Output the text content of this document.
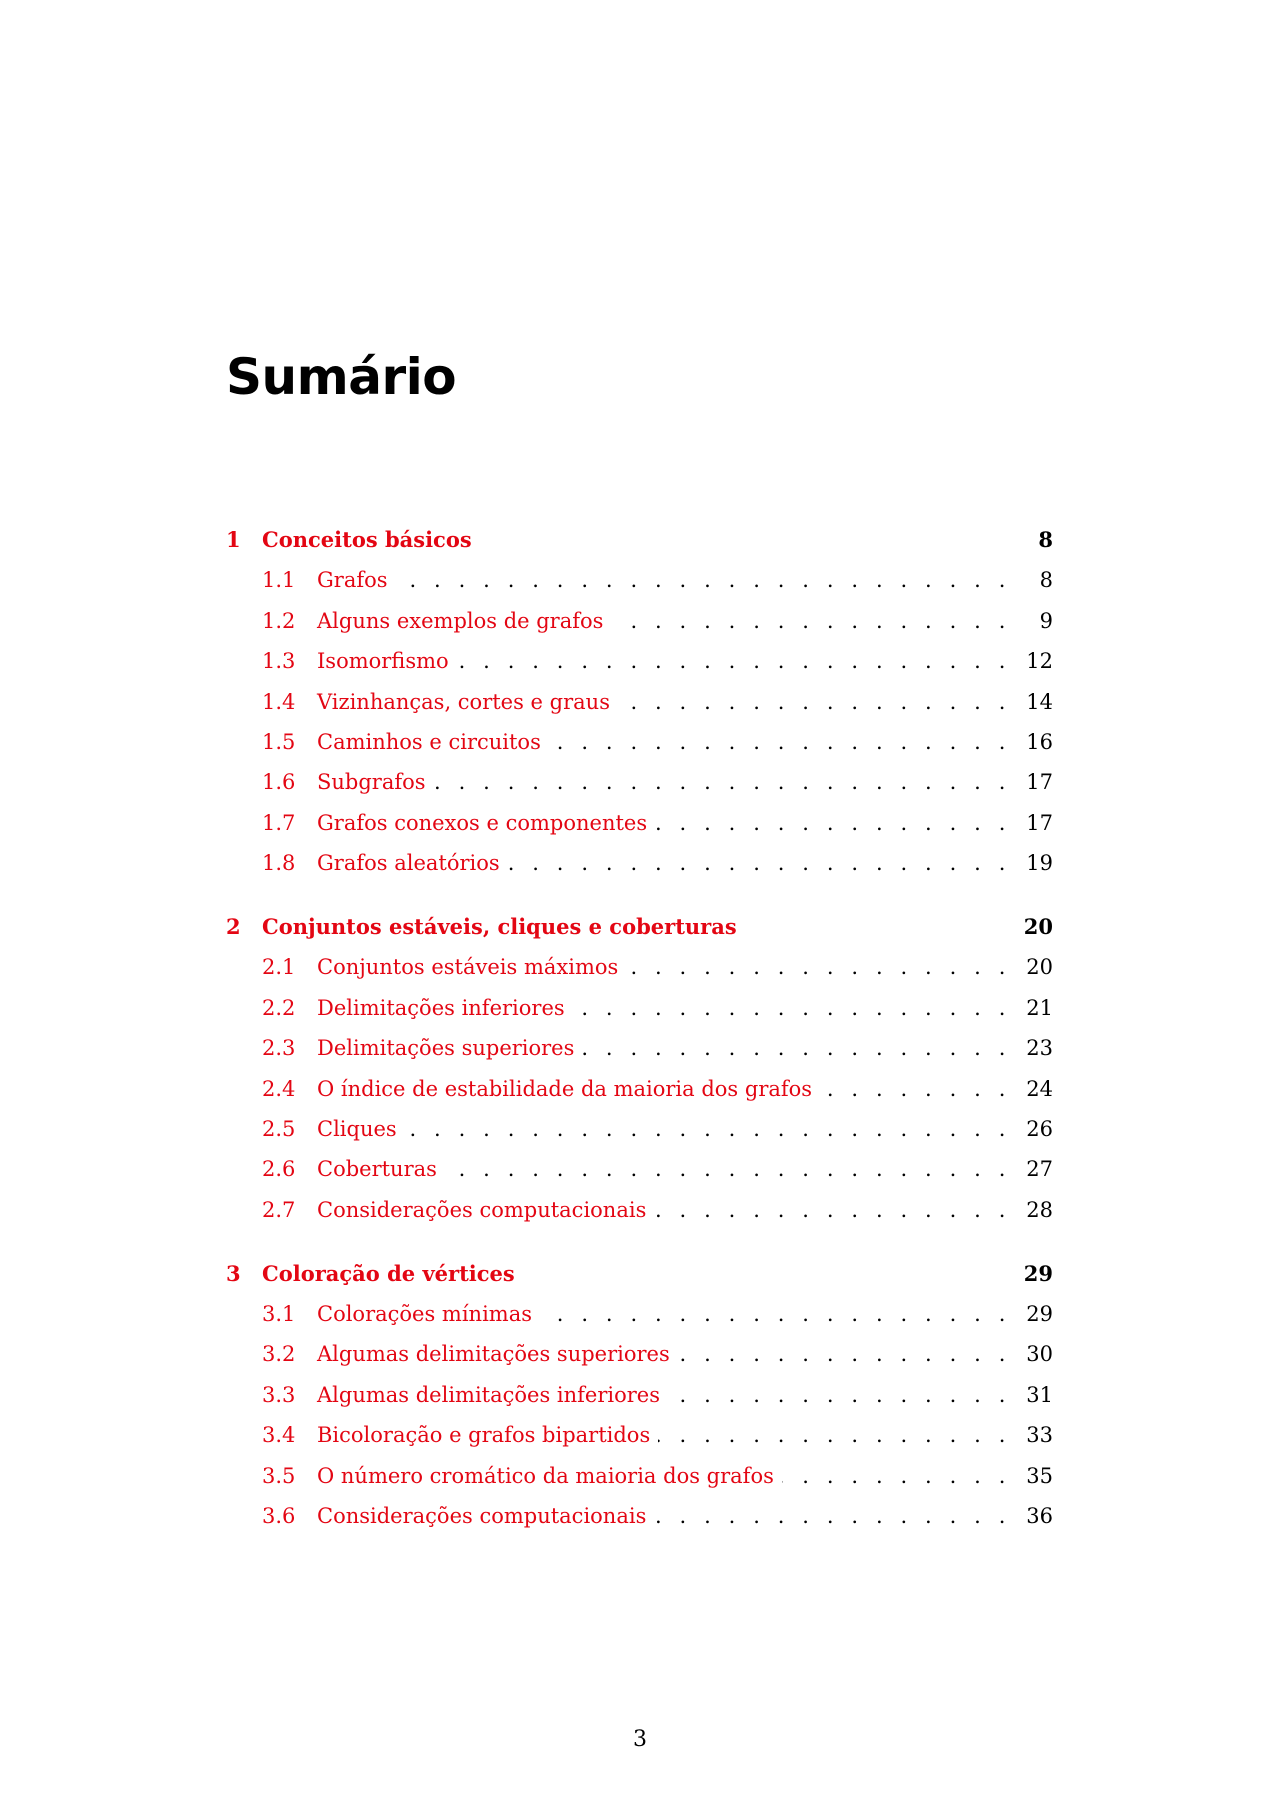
Sumário
1	Conceitos básicos	8
1.1	Grafos . . .	8
1.2	Alguns exemplos de grafos . . .	9
1.3	Isomorfismo . . .	12
1.4	Vizinhanças, cortes e graus . . .	14
1.5	Caminhos e circuitos . . .	16
1.6	Subgrafos . . .	17
1.7	Grafos conexos e componentes . . .	17
1.8	Grafos aleatórios . . .	19
2	Conjuntos estáveis, cliques e coberturas	20
2.1	Conjuntos estáveis máximos . . .	20
2.2	Delimitações inferiores . . .	21
2.3	Delimitações superiores . . .	23
2.4	O índice de estabilidade da maioria dos grafos . . .	24
2.5	Cliques . . .	26
2.6	Coberturas . . .	27
2.7	Considerações computacionais . . .	28
3	Coloração de vértices	29
3.1	Colorações mínimas . . .	29
3.2	Algumas delimitações superiores . . .	30
3.3	Algumas delimitações inferiores . . .	31
3.4	Bicoloração e grafos bipartidos . . .	33
3.5	O número cromático da maioria dos grafos . . .	35
3.6	Considerações computacionais . . .	36
3
